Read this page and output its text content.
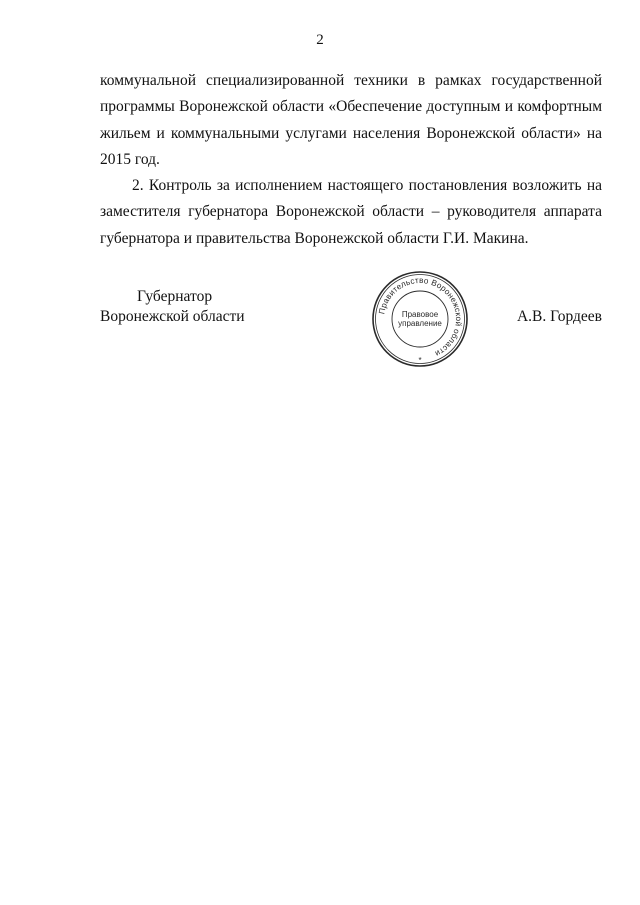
2

коммунальной специализированной техники в рамках государственной программы Воронежской области «Обеспечение доступным и комфортным жильем и коммунальными услугами населения Воронежской области» на 2015 год.

2. Контроль за исполнением настоящего постановления возложить на заместителя губернатора Воронежской области – руководителя аппарата губернатора и правительства Воронежской области Г.И. Макина.

Губернатор
Воронежской области	Правительство Воронежской области
Правовое
управление
*
А.В. Гордеев
